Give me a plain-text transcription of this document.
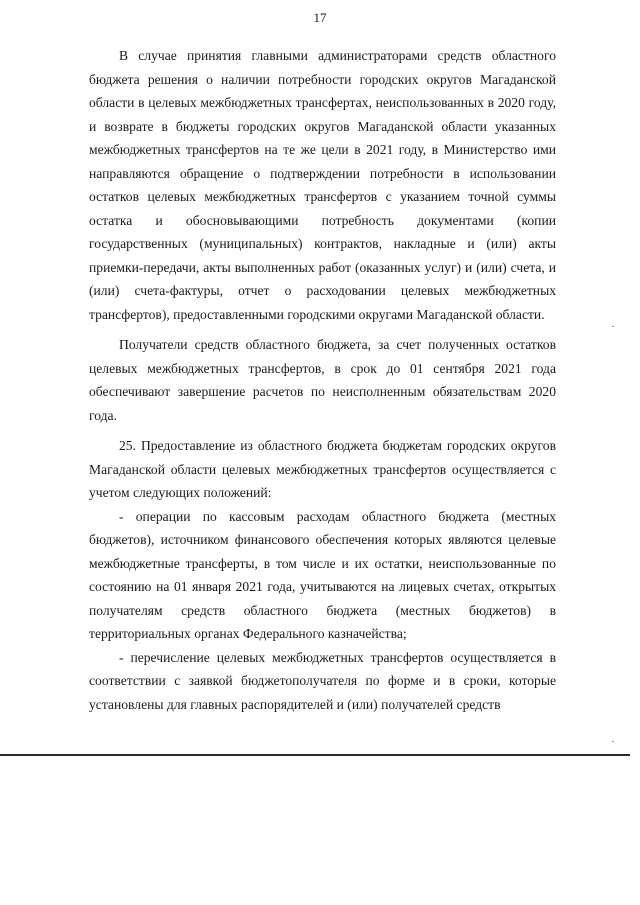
17

В случае принятия главными администраторами средств областного бюджета решения о наличии потребности городских округов Магаданской области в целевых межбюджетных трансфертах, неиспользованных в 2020 году, и возврате в бюджеты городских округов Магаданской области указанных межбюджетных трансфертов на те же цели в 2021 году, в Министерство ими направляются обращение о подтверждении потребности в использовании остатков целевых межбюджетных трансфертов с указанием точной суммы остатка и обосновывающими потребность документами (копии государственных (муниципальных) контрактов, накладные и (или) акты приемки-передачи, акты выполненных работ (оказанных услуг) и (или) счета, и (или) счета-фактуры, отчет о расходовании целевых межбюджетных трансфертов), предоставленными городскими округами Магаданской области.

Получатели средств областного бюджета, за счет полученных остатков целевых межбюджетных трансфертов, в срок до 01 сентября 2021 года обеспечивают завершение расчетов по неисполненным обязательствам 2020 года.

25. Предоставление из областного бюджета бюджетам городских округов Магаданской области целевых межбюджетных трансфертов осуществляется с учетом следующих положений:

- операции по кассовым расходам областного бюджета (местных бюджетов), источником финансового обеспечения которых являются целевые межбюджетные трансферты, в том числе и их остатки, неиспользованные по состоянию на 01 января 2021 года, учитываются на лицевых счетах, открытых получателям средств областного бюджета (местных бюджетов) в территориальных органах Федерального казначейства;

- перечисление целевых межбюджетных трансфертов осуществляется в соответствии с заявкой бюджетополучателя по форме и в сроки, которые установлены для главных распорядителей и (или) получателей средств
